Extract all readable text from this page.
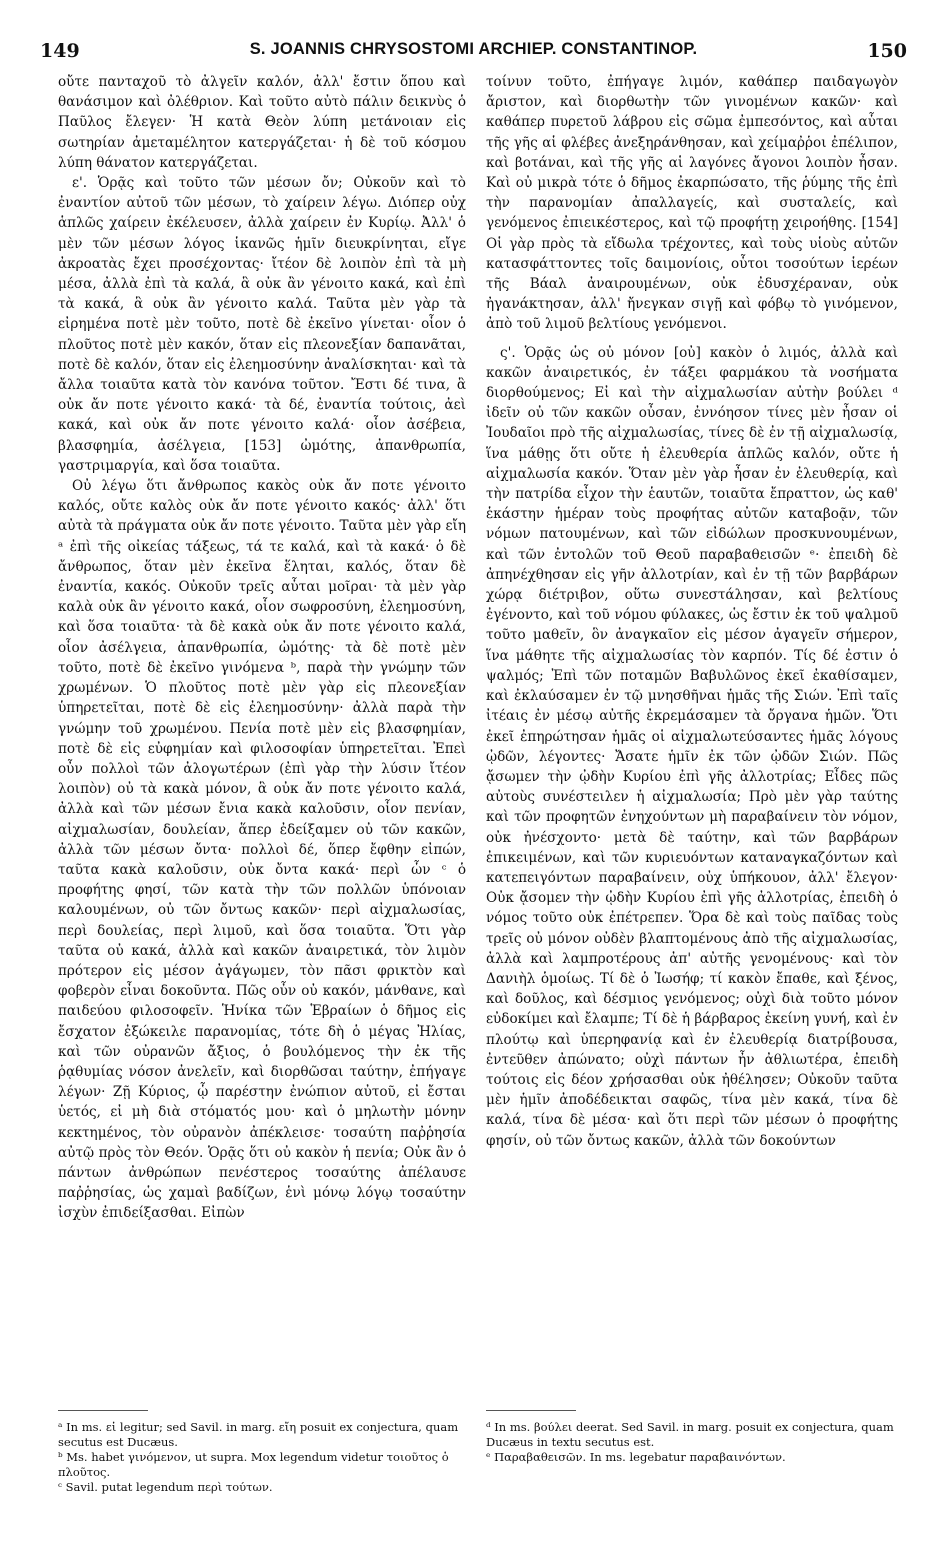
149	S. JOANNIS CHRYSOSTOMI ARCHIEP. CONSTANTINOP.	150

οὔτε πανταχοῦ τὸ ἀλγεῖν καλόν, ἀλλ' ἔστιν ὅπου καὶ θανάσιμον καὶ ὀλέθριον. Καὶ τοῦτο αὐτὸ πάλιν δεικνὺς ὁ Παῦλος ἔλεγεν· Ἡ κατὰ Θεὸν λύπη μετάνοιαν εἰς σωτηρίαν ἀμεταμέλητον κατεργάζεται· ἡ δὲ τοῦ κόσμου λύπη θάνατον κατεργάζεται.

ε'. Ὁρᾷς καὶ τοῦτο τῶν μέσων ὄν; Οὐκοῦν καὶ τὸ ἐναντίον αὐτοῦ τῶν μέσων, τὸ χαίρειν λέγω. Διόπερ οὐχ ἁπλῶς χαίρειν ἐκέλευσεν, ἀλλὰ χαίρειν ἐν Κυρίῳ. Ἀλλ' ὁ μὲν τῶν μέσων λόγος ἱκανῶς ἡμῖν διευκρίνηται, εἴγε ἀκροατὰς ἔχει προσέχοντας· ἴτέον δὲ λοιπὸν ἐπὶ τὰ μὴ μέσα, ἀλλὰ ἐπὶ τὰ καλά, ἃ οὐκ ἂν γένοιτο κακά, καὶ ἐπὶ τὰ κακά, ἃ οὐκ ἂν γένοιτο καλά. Ταῦτα μὲν γὰρ τὰ εἰρημένα ποτὲ μὲν τοῦτο, ποτὲ δὲ ἐκεῖνο γίνεται· οἷον ὁ πλοῦτος ποτὲ μὲν κακόν, ὅταν εἰς πλεονεξίαν δαπανᾶται, ποτὲ δὲ καλόν, ὅταν εἰς ἐλεημοσύνην ἀναλίσκηται· καὶ τὰ ἄλλα τοιαῦτα κατὰ τὸν κανόνα τοῦτον. Ἔστι δέ τινα, ἃ οὐκ ἄν ποτε γένοιτο κακά· τὰ δέ, ἐναντία τούτοις, ἀεὶ κακά, καὶ οὐκ ἄν ποτε γένοιτο καλά· οἷον ἀσέβεια, βλασφημία, ἀσέλγεια, [153] ὠμότης, ἀπανθρωπία, γαστριμαργία, καὶ ὅσα τοιαῦτα.

Οὐ λέγω ὅτι ἄνθρωπος κακὸς οὐκ ἄν ποτε γένοιτο καλός, οὔτε καλὸς οὐκ ἄν ποτε γένοιτο κακός· ἀλλ' ὅτι αὐτὰ τὰ πράγματα οὐκ ἄν ποτε γένοιτο. Ταῦτα μὲν γὰρ εἴη ᵃ ἐπὶ τῆς οἰκείας τάξεως, τά τε καλά, καὶ τὰ κακά· ὁ δὲ ἄνθρωπος, ὅταν μὲν ἐκεῖνα ἕληται, καλός, ὅταν δὲ ἐναντία, κακός. Οὐκοῦν τρεῖς αὗται μοῖραι· τὰ μὲν γὰρ καλὰ οὐκ ἂν γένοιτο κακά, οἷον σωφροσύνη, ἐλεημοσύνη, καὶ ὅσα τοιαῦτα· τὰ δὲ κακὰ οὐκ ἄν ποτε γένοιτο καλά, οἷον ἀσέλγεια, ἀπανθρωπία, ὠμότης· τὰ δὲ ποτὲ μὲν τοῦτο, ποτὲ δὲ ἐκεῖνο γινόμενα ᵇ, παρὰ τὴν γνώμην τῶν χρωμένων. Ὁ πλοῦτος ποτὲ μὲν γὰρ εἰς πλεονεξίαν ὑπηρετεῖται, ποτὲ δὲ εἰς ἐλεημοσύνην· ἀλλὰ παρὰ τὴν γνώμην τοῦ χρωμένου. Πενία ποτὲ μὲν εἰς βλασφημίαν, ποτὲ δὲ εἰς εὐφημίαν καὶ φιλοσοφίαν ὑπηρετεῖται. Ἐπεὶ οὖν πολλοὶ τῶν ἀλογωτέρων (ἐπὶ γὰρ τὴν λύσιν ἴτέον λοιπὸν) οὐ τὰ κακὰ μόνον, ἃ οὐκ ἄν ποτε γένοιτο καλά, ἀλλὰ καὶ τῶν μέσων ἔνια κακὰ καλοῦσιν, οἷον πενίαν, αἰχμαλωσίαν, δουλείαν, ἅπερ ἐδείξαμεν οὐ τῶν κακῶν, ἀλλὰ τῶν μέσων ὄντα· πολλοὶ δέ, ὅπερ ἔφθην εἰπών, ταῦτα κακὰ καλοῦσιν, οὐκ ὄντα κακά· περὶ ὧν ᶜ ὁ προφήτης φησί, τῶν κατὰ τὴν τῶν πολλῶν ὑπόνοιαν καλουμένων, οὐ τῶν ὄντως κακῶν· περὶ αἰχμαλωσίας, περὶ δουλείας, περὶ λιμοῦ, καὶ ὅσα τοιαῦτα. Ὅτι γὰρ ταῦτα οὐ κακά, ἀλλὰ καὶ κακῶν ἀναιρετικά, τὸν λιμὸν πρότερον εἰς μέσον ἀγάγωμεν, τὸν πᾶσι φρικτὸν καὶ φοβερὸν εἶναι δοκοῦντα. Πῶς οὖν οὐ κακόν, μάνθανε, καὶ παιδεύου φιλοσοφεῖν. Ἡνίκα τῶν Ἑβραίων ὁ δῆμος εἰς ἔσχατον ἐξώκειλε παρανομίας, τότε δὴ ὁ μέγας Ἠλίας, καὶ τῶν οὐρανῶν ἄξιος, ὁ βουλόμενος τὴν ἐκ τῆς ῥᾳθυμίας νόσον ἀνελεῖν, καὶ διορθῶσαι ταύτην, ἐπήγαγε λέγων· Ζῇ Κύριος, ᾧ παρέστην ἐνώπιον αὐτοῦ, εἰ ἔσται ὑετός, εἰ μὴ διὰ στόματός μου· καὶ ὁ μηλωτὴν μόνην κεκτημένος, τὸν οὐρανὸν ἀπέκλεισε· τοσαύτη παῤῥησία αὐτῷ πρὸς τὸν Θεόν. Ὁρᾷς ὅτι οὐ κακὸν ἡ πενία; Οὐκ ἂν ὁ πάντων ἀνθρώπων πενέστερος τοσαύτης ἀπέλαυσε παῤῥησίας, ὡς χαμαὶ βαδίζων, ἑνὶ μόνῳ λόγῳ τοσαύτην ἰσχὺν ἐπιδείξασθαι. Εἰπὼν

τοίνυν τοῦτο, ἐπήγαγε λιμόν, καθάπερ παιδαγωγὸν ἄριστον, καὶ διορθωτὴν τῶν γινομένων κακῶν· καὶ καθάπερ πυρετοῦ λάβρου εἰς σῶμα ἐμπεσόντος, καὶ αὗται τῆς γῆς αἱ φλέβες ἀνεξηράνθησαν, καὶ χείμαῤῥοι ἐπέλιπον, καὶ βοτάναι, καὶ τῆς γῆς αἱ λαγόνες ἄγονοι λοιπὸν ἦσαν. Καὶ οὐ μικρὰ τότε ὁ δῆμος ἐκαρπώσατο, τῆς ῥύμης τῆς ἐπὶ τὴν παρανομίαν ἀπαλλαγείς, καὶ συσταλείς, καὶ γενόμενος ἐπιεικέστερος, καὶ τῷ προφήτῃ χειροήθης. [154] Οἱ γὰρ πρὸς τὰ εἴδωλα τρέχοντες, καὶ τοὺς υἱοὺς αὐτῶν κατασφάττοντες τοῖς δαιμονίοις, οὗτοι τοσούτων ἱερέων τῆς Βάαλ ἀναιρουμένων, οὐκ ἐδυσχέραναν, οὐκ ἠγανάκτησαν, ἀλλ' ἤνεγκαν σιγῇ καὶ φόβῳ τὸ γινόμενον, ἀπὸ τοῦ λιμοῦ βελτίους γενόμενοι.

ς'. Ὁρᾷς ὡς οὐ μόνον [οὐ] κακὸν ὁ λιμός, ἀλλὰ καὶ κακῶν ἀναιρετικός, ἐν τάξει φαρμάκου τὰ νοσήματα διορθούμενος; Εἰ καὶ τὴν αἰχμαλωσίαν αὐτὴν βούλει ᵈ ἰδεῖν οὐ τῶν κακῶν οὖσαν, ἐννόησον τίνες μὲν ἦσαν οἱ Ἰουδαῖοι πρὸ τῆς αἰχμαλωσίας, τίνες δὲ ἐν τῇ αἰχμαλωσίᾳ, ἵνα μάθῃς ὅτι οὔτε ἡ ἐλευθερία ἁπλῶς καλόν, οὔτε ἡ αἰχμαλωσία κακόν. Ὅταν μὲν γὰρ ἦσαν ἐν ἐλευθερίᾳ, καὶ τὴν πατρίδα εἶχον τὴν ἑαυτῶν, τοιαῦτα ἔπραττον, ὡς καθ' ἑκάστην ἡμέραν τοὺς προφήτας αὐτῶν καταβοᾷν, τῶν νόμων πατουμένων, καὶ τῶν εἰδώλων προσκυνουμένων, καὶ τῶν ἐντολῶν τοῦ Θεοῦ παραβαθεισῶν ᵉ· ἐπειδὴ δὲ ἀπηνέχθησαν εἰς γῆν ἀλλοτρίαν, καὶ ἐν τῇ τῶν βαρβάρων χώρᾳ διέτριβον, οὕτω συνεστάλησαν, καὶ βελτίους ἐγένοντο, καὶ τοῦ νόμου φύλακες, ὡς ἔστιν ἐκ τοῦ ψαλμοῦ τοῦτο μαθεῖν, ὃν ἀναγκαῖον εἰς μέσον ἀγαγεῖν σήμερον, ἵνα μάθητε τῆς αἰχμαλωσίας τὸν καρπόν. Τίς δέ ἐστιν ὁ ψαλμός; Ἐπὶ τῶν ποταμῶν Βαβυλῶνος ἐκεῖ ἐκαθίσαμεν, καὶ ἐκλαύσαμεν ἐν τῷ μνησθῆναι ἡμᾶς τῆς Σιών. Ἐπὶ ταῖς ἰτέαις ἐν μέσῳ αὐτῆς ἐκρεμάσαμεν τὰ ὄργανα ἡμῶν. Ὅτι ἐκεῖ ἐπηρώτησαν ἡμᾶς οἱ αἰχμαλωτεύσαντες ἡμᾶς λόγους ᾠδῶν, λέγοντες· Ἄσατε ἡμῖν ἐκ τῶν ᾠδῶν Σιών. Πῶς ᾄσωμεν τὴν ᾠδὴν Κυρίου ἐπὶ γῆς ἀλλοτρίας; Εἶδες πῶς αὐτοὺς συνέστειλεν ἡ αἰχμαλωσία; Πρὸ μὲν γὰρ ταύτης καὶ τῶν προφητῶν ἐνηχούντων μὴ παραβαίνειν τὸν νόμον, οὐκ ἠνέσχοντο· μετὰ δὲ ταύτην, καὶ τῶν βαρβάρων ἐπικειμένων, καὶ τῶν κυριευόντων καταναγκαζόντων καὶ κατεπειγόντων παραβαίνειν, οὐχ ὑπήκουον, ἀλλ' ἔλεγον· Οὐκ ᾄσομεν τὴν ᾠδὴν Κυρίου ἐπὶ γῆς ἀλλοτρίας, ἐπειδὴ ὁ νόμος τοῦτο οὐκ ἐπέτρεπεν. Ὅρα δὲ καὶ τοὺς παῖδας τοὺς τρεῖς οὐ μόνον οὐδὲν βλαπτομένους ἀπὸ τῆς αἰχμαλωσίας, ἀλλὰ καὶ λαμπροτέρους ἀπ' αὐτῆς γενομένους· καὶ τὸν Δανιὴλ ὁμοίως. Τί δὲ ὁ Ἰωσήφ; τί κακὸν ἔπαθε, καὶ ξένος, καὶ δοῦλος, καὶ δέσμιος γενόμενος; οὐχὶ διὰ τοῦτο μόνον εὐδοκίμει καὶ ἔλαμπε; Τί δὲ ἡ βάρβαρος ἐκείνη γυνή, καὶ ἐν πλούτῳ καὶ ὑπερηφανίᾳ καὶ ἐν ἐλευθερίᾳ διατρίβουσα, ἐντεῦθεν ἀπώνατο; οὐχὶ πάντων ἦν ἀθλιωτέρα, ἐπειδὴ τούτοις εἰς δέον χρήσασθαι οὐκ ἠθέλησεν; Οὐκοῦν ταῦτα μὲν ἡμῖν ἀποδέδεικται σαφῶς, τίνα μὲν κακά, τίνα δὲ καλά, τίνα δὲ μέσα· καὶ ὅτι περὶ τῶν μέσων ὁ προφήτης φησίν, οὐ τῶν ὄντως κακῶν, ἀλλὰ τῶν δοκούντων

ᵃ In ms. εἰ legitur; sed Savil. in marg. εἴη posuit ex conjectura, quam secutus est Ducæus.

ᵇ Ms. habet γινόμενον, ut supra. Mox legendum videtur τοιοῦτος ὁ πλοῦτος.

ᶜ Savil. putat legendum περὶ τούτων.

ᵈ In ms. βούλει deerat. Sed Savil. in marg. posuit ex conjectura, quam Ducæus in textu secutus est.

ᵉ Παραβαθεισῶν. In ms. legebatur παραβαινόντων.
